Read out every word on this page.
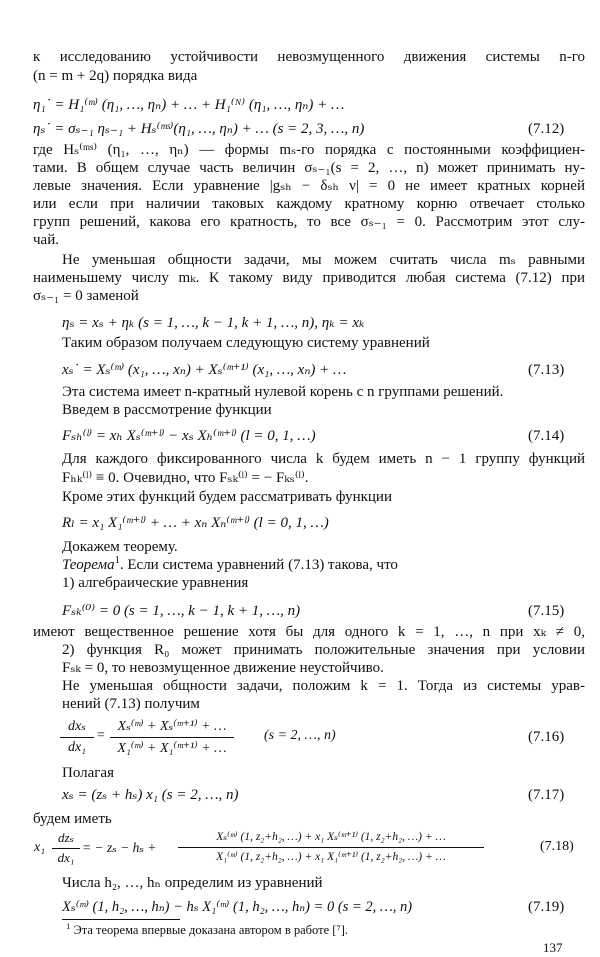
к исследованию устойчивости невозмущенного движения системы n-го
(n = m + 2q) порядка вида
η₁˙ = H₁⁽ᵐ⁾ (η₁, …, ηₙ) + … + H₁⁽ᴺ⁾ (η₁, …, ηₙ) + …
ηₛ˙ = σₛ₋₁ ηₛ₋₁ + Hₛ⁽ᵐˢ⁾(η₁, …, ηₙ) + … (s = 2, 3, …, n)	(7.12)
где Hₛ⁽ᵐˢ⁾ (η₁, …, ηₙ) — формы mₛ-го порядка с постоянными коэффициен-
тами. В общем случае часть величин σₛ₋₁(s = 2, …, n) может принимать ну-
левые значения. Если уравнение |gₛₕ − δₛₕ ν| = 0 не имеет кратных корней
или если при наличии таковых каждому кратному корню отвечает столько
групп решений, какова его кратность, то все σₛ₋₁ = 0. Рассмотрим этот слу-
чай.
Не уменьшая общности задачи, мы можем считать числа mₛ равными
наименьшему числу mₖ. К такому виду приводится любая система (7.12) при
σₛ₋₁ = 0 заменой
ηₛ = xₛ + ηₖ (s = 1, …, k − 1, k + 1, …, n), ηₖ = xₖ
Таким образом получаем следующую систему уравнений
xₛ˙ = Xₛ⁽ᵐ⁾ (x₁, …, xₙ) + Xₛ⁽ᵐ⁺¹⁾ (x₁, …, xₙ) + …	(7.13)
Эта система имеет n-кратный нулевой корень с n группами решений.
Введем в рассмотрение функции
Fₛₕ⁽ˡ⁾ = xₕ Xₛ⁽ᵐ⁺ˡ⁾ − xₛ Xₕ⁽ᵐ⁺ˡ⁾ (l = 0, 1, …)	(7.14)
Для каждого фиксированного числа k будем иметь n − 1 группу функций
Fₕₖ⁽ˡ⁾ ≡ 0. Очевидно, что Fₛₖ⁽ˡ⁾ = − Fₖₛ⁽ˡ⁾.
Кроме этих функций будем рассматривать функции
Rₗ = x₁ X₁⁽ᵐ⁺ˡ⁾ + … + xₙ Xₙ⁽ᵐ⁺ˡ⁾ (l = 0, 1, …)
Докажем теорему.
Теорема$^1$. Если система уравнений (7.13) такова, что
1) алгебраические уравнения
Fₛₖ⁽⁰⁾ = 0 (s = 1, …, k − 1, k + 1, …, n)	(7.15)
имеют вещественное решение хотя бы для одного k = 1, …, n при xₖ ≠ 0,
2) функция R₀ может принимать положительные значения при условии
Fₛₖ = 0, то невозмущенное движение неустойчиво.
Не уменьшая общности задачи, положим k = 1. Тогда из системы урав-
нений (7.13) получим
dxₛ
dx₁
=
Xₛ⁽ᵐ⁾ + Xₛ⁽ᵐ⁺¹⁾ + …
X₁⁽ᵐ⁾ + X₁⁽ᵐ⁺¹⁾ + …
(s = 2, …, n)	(7.16)
Полагая
xₛ = (zₛ + hₛ) x₁ (s = 2, …, n)	(7.17)
будем иметь
x₁
dzₛ
dx₁
= − zₛ − hₛ +
Xₛ⁽ᵐ⁾ (1, z₂+h₂, …) + x₁ Xₛ⁽ᵐ⁺¹⁾ (1, z₂+h₂, …) + …
X₁⁽ᵐ⁾ (1, z₂+h₂, …) + x₁ X₁⁽ᵐ⁺¹⁾ (1, z₂+h₂, …) + …
(7.18)
Числа h₂, …, hₙ определим из уравнений
Xₛ⁽ᵐ⁾ (1, h₂, …, hₙ) − hₛ X₁⁽ᵐ⁾ (1, h₂, …, hₙ) = 0 (s = 2, …, n)	(7.19)
$^1$ Эта теорема впервые доказана автором в работе [⁷].
137
